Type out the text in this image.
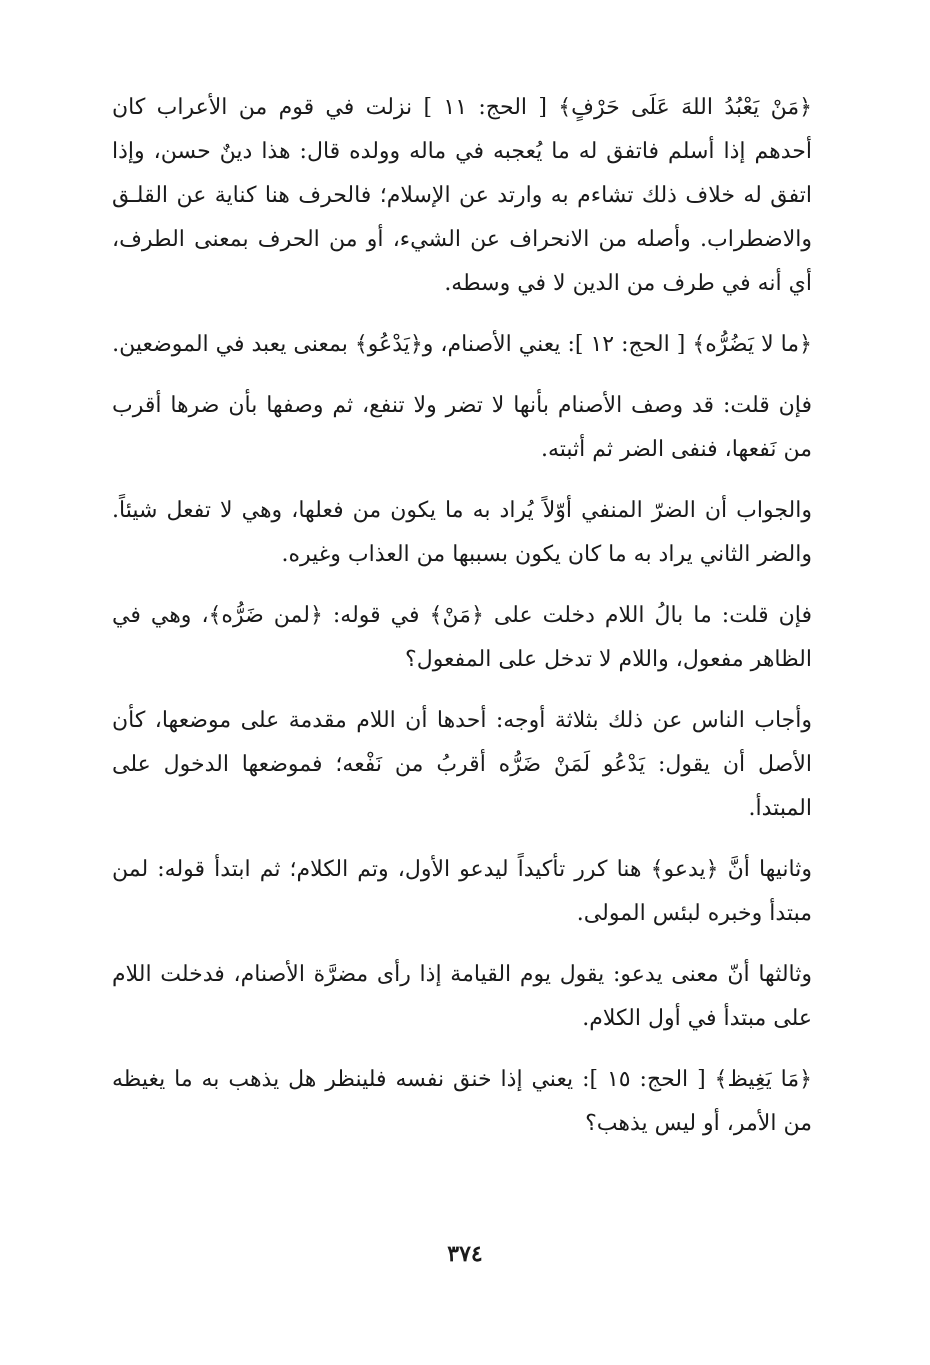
﴿مَنْ يَعْبُدُ اللهَ عَلَى حَرْفٍ﴾ [ الحج: ١١ ] نزلت في قوم من الأعراب كان أحدهم إذا أسلم فاتفق له ما يُعجبه في ماله وولده قال: هذا دينٌ حسن، وإذا اتفق له خلاف ذلك تشاءم به وارتد عن الإسلام؛ فالحرف هنا كناية عن القلـق والاضطراب. وأصله من الانحراف عن الشيء، أو من الحرف بمعنى الطرف، أي أنه في طرف من الدين لا في وسطه.

﴿ما لا يَضُرُّه﴾ [ الحج: ١٢ ]: يعني الأصنام، و﴿يَدْعُو﴾ بمعنى يعبد في الموضعين.

فإن قلت: قد وصف الأصنام بأنها لا تضر ولا تنفع، ثم وصفها بأن ضرها أقرب من نَفعها، فنفى الضر ثم أثبته.

والجواب أن الضرّ المنفي أوّلاً يُراد به ما يكون من فعلها، وهي لا تفعل شيئاً. والضر الثاني يراد به ما كان يكون بسببها من العذاب وغيره.

فإن قلت: ما بالُ اللام دخلت على ﴿مَنْ﴾ في قوله: ﴿لمن ضَرُّه﴾، وهي في الظاهر مفعول، واللام لا تدخل على المفعول؟

وأجاب الناس عن ذلك بثلاثة أوجه: أحدها أن اللام مقدمة على موضعها، كأن الأصل أن يقول: يَدْعُو لَمَنْ ضَرُّه أقربُ من نَفْعه؛ فموضعها الدخول على المبتدأ.

وثانيها أنَّ ﴿يدعو﴾ هنا كرر تأكيداً ليدعو الأول، وتم الكلام؛ ثم ابتدأ قوله: لمن مبتدأ وخبره لبئس المولى.

وثالثها أنّ معنى يدعو: يقول يوم القيامة إذا رأى مضرَّة الأصنام، فدخلت اللام على مبتدأ في أول الكلام.

﴿مَا يَغِيظ﴾ [ الحج: ١٥ ]: يعني إذا خنق نفسه فلينظر هل يذهب به ما يغيظه من الأمر، أو ليس يذهب؟

٣٧٤
